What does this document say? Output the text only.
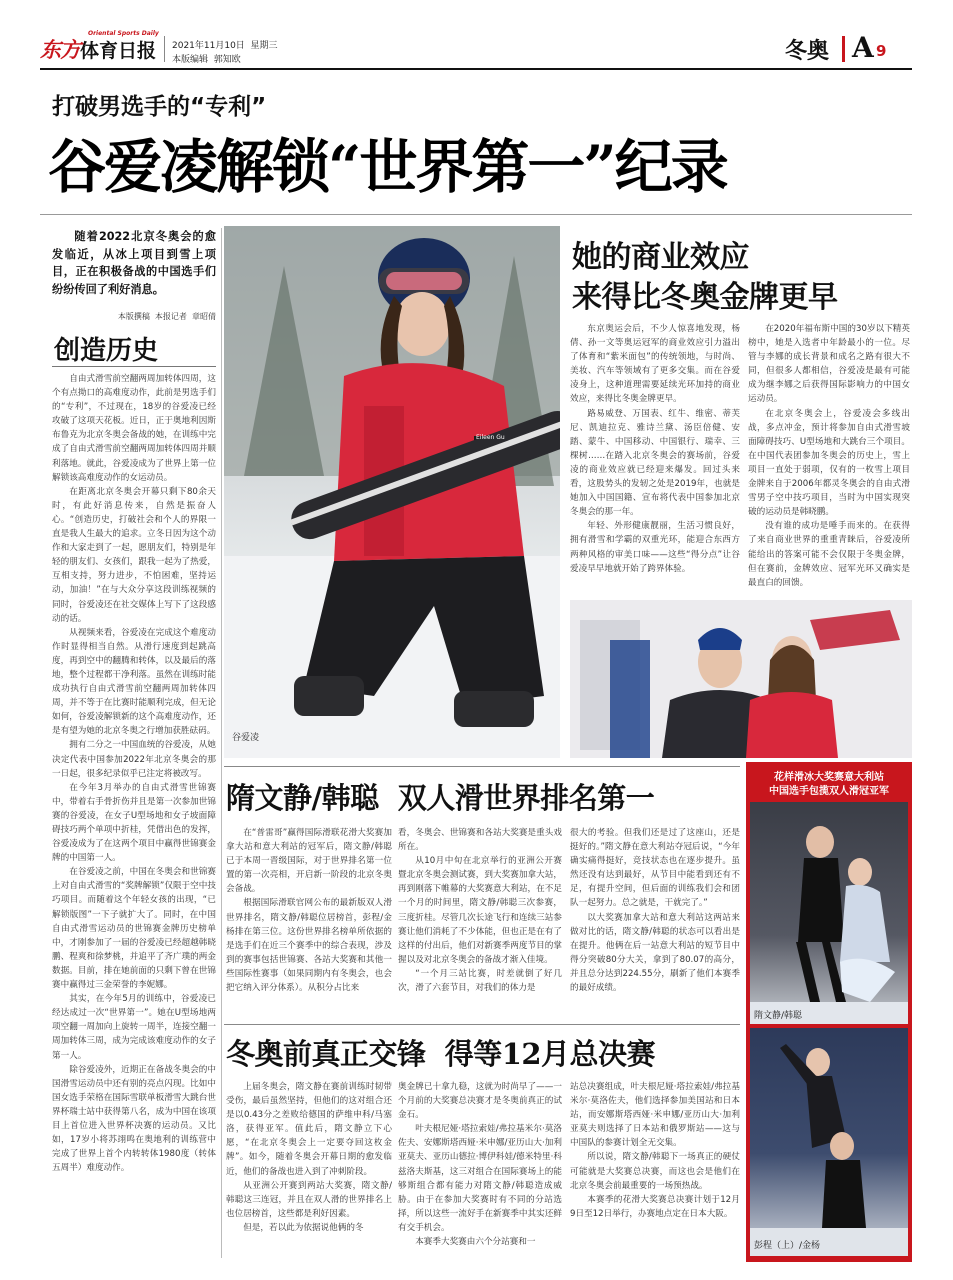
东方体育日报
Oriental Sports Daily
2021年11月10日  星期三
本版编辑  郭知欧	冬奥 A 9
打破男选手的“专利”
谷爱凌解锁“世界第一”纪录
随着2022北京冬奥会的愈发临近，从冰上项目到雪上项目，正在积极备战的中国选手们纷纷传回了利好消息。
本版撰稿  本报记者  章昭倩
创造历史

自由式滑雪前空翻两周加转体四周，这个有点拗口的高难度动作，此前是男选手们的“专利”，不过现在，18岁的谷爱凌已经攻破了这项天花板。近日，正于奥地利因斯布鲁克为北京冬奥会备战的她，在训练中完成了自由式滑雪前空翻两周加转体四周并顺利落地。就此，谷爱凌成为了世界上第一位解锁该高难度动作的女运动员。

在距离北京冬奥会开幕只剩下80余天时，有此好消息传来，自然是振奋人心。“创造历史，打破社会和个人的界限一直是我人生最大的追求。立冬日因为这个动作和大家走到了一起，愿朋友们，特别是年轻的朋友们、女孩们，跟我一起为了热爱，互相支持，努力进步，不怕困难，坚持运动，加油！”在与大众分享这段训练视频的同时，谷爱凌还在社交媒体上写下了这段感动的话。

从视频来看，谷爱凌在完成这个难度动作时显得相当自然。从滑行速度到起跳高度，再到空中的翻腾和转体，以及最后的落地，整个过程都干净利落。虽然在训练时能成功执行自由式滑雪前空翻两周加转体四周，并不等于在比赛时能顺利完成，但无论如何，谷爱凌解锁新的这个高难度动作，还是有望为她的北京冬奥之行增加获胜砝码。

拥有二分之一中国血统的谷爱凌，从她决定代表中国参加2022年北京冬奥会的那一日起，很多纪录似乎已注定将被改写。

在今年3月举办的自由式滑雪世锦赛中，带着右手骨折伤并且是第一次参加世锦赛的谷爱凌，在女子U型场地和女子坡面障碍技巧两个单项中折桂，凭借出色的发挥，谷爱凌成为了在这两个项目中赢得世锦赛金牌的中国第一人。

在谷爱凌之前，中国在冬奥会和世锦赛上对自由式滑雪的“奖牌解锁”仅限于空中技巧项目。而随着这个年轻女孩的出现，“已解锁版图”一下子就扩大了。同时，在中国自由式滑雪运动员的世锦赛金牌历史榜单中，才刚参加了一届的谷爱凌已经超越韩晓鹏、程爽和徐梦桃，并追平了齐广璞的两金数据。目前，排在她前面的只剩下曾在世锦赛中赢得过三金荣誉的李妮娜。

其实，在今年5月的训练中，谷爱凌已经达成过一次“世界第一”。她在U型场地两项空翻一周加向上旋转一周半，连接空翻一周加转体三周，成为完成该难度动作的女子第一人。

除谷爱凌外，近期正在备战冬奥会的中国滑雪运动员中还有别的亮点闪现。比如中国女选手荣格在国际雪联单板滑雪大跳台世界杯瑞士站中获得第八名，成为中国在该项目上首位进入世界杯决赛的运动员。又比如，17岁小将苏翊鸣在奥地利的训练营中完成了世界上首个内转转体1980度（转体五周半）难度动作。

Eileen Gu
谷爱凌
她的商业效应
来得比冬奥金牌更早

东京奥运会后，不少人惊喜地发现，杨倩、孙一文等奥运冠军的商业效应引力溢出了体育和“紫米面包”的传统领地，与时尚、美妆、汽车等领域有了更多交集。而在谷爱凌身上，这种道理需要延续光环加持的商业效应，来得比冬奥金牌更早。

路易威登、万国表、红牛、维密、蒂芙尼、凯迪拉克、雅诗兰黛、汤臣倍健、安踏、蒙牛、中国移动、中国银行、瑞幸、三棵树……在踏入北京冬奥会的赛场前，谷爱凌的商业效应就已经迎来爆发。回过头来看，这股势头的发轫之处是2019年，也就是她加入中国国籍、宣布将代表中国参加北京冬奥会的那一年。

年轻、外形健康靓丽，生活习惯良好，拥有滑雪和学霸的双重光环，能迎合东西方两种风格的审美口味——这些“得分点”让谷爱凌早早地就开始了跨界体验。

在2020年福布斯中国的30岁以下精英榜中，她是入选者中年龄最小的一位。尽管与李娜的成长背景和成名之路有很大不同，但很多人都相信，谷爱凌是最有可能成为继李娜之后获得国际影响力的中国女运动员。

在北京冬奥会上，谷爱凌会多线出战，多点冲金，预计将参加自由式滑雪坡面障碍技巧、U型场地和大跳台三个项目。在中国代表团参加冬奥会的历史上，雪上项目一直处于弱项，仅有的一枚雪上项目金牌来自于2006年都灵冬奥会的自由式滑雪男子空中技巧项目，当时为中国实现突破的运动员是韩晓鹏。

没有谁的成功是唾手而来的。在获得了来自商业世界的重重青睐后，谷爱凌所能给出的答案可能不会仅限于冬奥金牌，但在赛前，金牌效应、冠军光环又确实是最直白的回馈。

隋文静/韩聪  双人滑世界排名第一

在“普雷哥”赢得国际滑联花滑大奖赛加拿大站和意大利站的冠军后，隋文静/韩聪已于本周一晋级国际，对于世界排名第一位置的第一次亮相，开启新一阶段的北京冬奥会备战。

根据国际滑联官网公布的最新版双人滑世界排名，隋文静/韩聪位居榜首，彭程/金杨排在第三位。这份世界排名榜单所依据的是选手们在近三个赛季中的综合表现，涉及到的赛事包括世锦赛、各站大奖赛和其他一些国际性赛事（如果同期内有冬奥会，也会把它纳入评分体系）。从积分占比来

看，冬奥会、世锦赛和各站大奖赛是重头戏所在。

从10月中旬在北京举行的亚洲公开赛暨北京冬奥会测试赛，到大奖赛加拿大站，再到刚落下帷幕的大奖赛意大利站，在不足一个月的时间里，隋文静/韩聪三次参赛，三度折桂。尽管几次长途飞行和连续三站参赛让他们消耗了不少体能，但也正是在有了这样的付出后，他们对新赛季两度节目的掌握以及对北京冬奥会的备战才渐入佳境。

“一个月三站比赛，时差就倒了好几次，滑了六套节目，对我们的体力是

很大的考验。但我们还是过了这座山，还是挺好的。”隋文静在意大利站夺冠后说，“今年确实痛得挺好，竞技状态也在逐步提升。虽然还没有达到最好，从节目中能看到还有不足，有提升空间，但后面的训练我们会和团队一起努力。总之就是，干就完了。”

以大奖赛加拿大站和意大利站这两站来做对比的话，隋文静/韩聪的状态可以看出是在提升。他俩在后一站意大利站的短节目中得分突破80分大关，拿到了80.07的高分，并且总分达到224.55分，刷新了他们本赛季的最好成绩。

冬奥前真正交锋  得等12月总决赛

上届冬奥会，隋文静在赛前训练时韧带受伤，最后虽然坚持，但他们的这对组合还是以0.43分之差败给德国的萨维申科/马塞洛，获得亚军。值此后，隋文静立下心愿，“在北京冬奥会上一定要夺回这枚金牌”。如今，随着冬奥会开幕日期的愈发临近，他们的备战也进入到了冲刺阶段。

从亚洲公开赛到两站大奖赛，隋文静/韩聪这三连冠，并且在双人滑的世界排名上也位居榜首，这些都是利好因素。

但是，若以此为依据说他俩的冬

奥金牌已十拿九稳，这就为时尚早了——一个月前的大奖赛总决赛才是冬奥前真正的试金石。

叶夫根尼娅·塔拉索娃/弗拉基米尔·莫洛佐夫、安娜斯塔西娅·米申娜/亚历山大·加利亚莫夫、亚历山德拉·博伊科娃/德米特里·科兹洛夫斯基，这三对组合在国际赛场上的能够斯组合都有能力对隋文静/韩聪造成威胁。由于在参加大奖赛时有不同的分站选择，所以这些一流好手在新赛季中其实还鲜有交手机会。

本赛季大奖赛由六个分站赛和一

站总决赛组成，叶夫根尼娅·塔拉索娃/弗拉基米尔·莫洛佐夫，他们选择参加美国站和日本站，而安娜斯塔西娅·米申娜/亚历山大·加利亚莫夫则选择了日本站和俄罗斯站——这与中国队的参赛计划全无交集。

所以说，隋文静/韩聪下一场真正的硬仗可能就是大奖赛总决赛，而这也会是他们在北京冬奥会前最重要的一场预热战。

本赛季的花滑大奖赛总决赛计划于12月9日至12日举行，办赛地点定在日本大阪。

花样滑冰大奖赛意大利站
中国选手包揽双人滑冠亚军
隋文静/韩聪
彭程（上）/金杨
